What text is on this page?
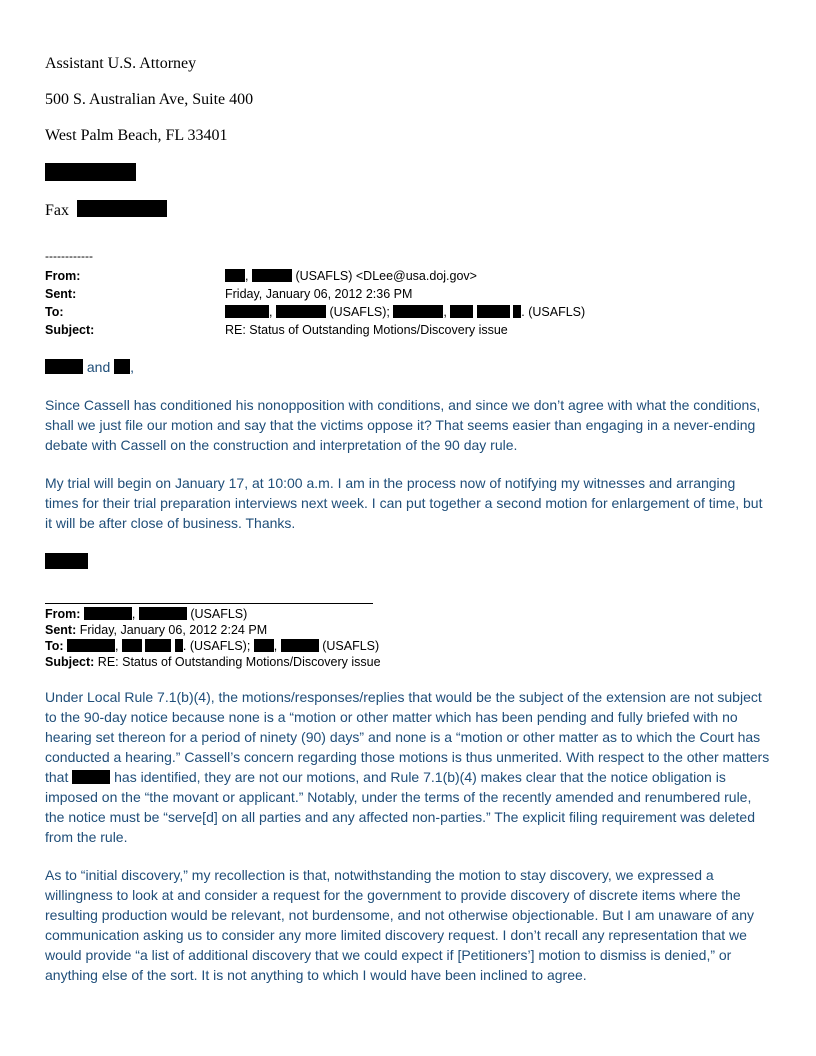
Assistant U.S. Attorney
500 S. Australian Ave, Suite 400
West Palm Beach, FL 33401
Fax
------------
From:	,	(USAFLS) <DLee@usa.doj.gov>
Sent:	Friday, January 06, 2012 2:36 PM
To:	,	(USAFLS);	,	. (USAFLS)
Subject:	RE: Status of Outstanding Motions/Discovery issue
and ,

Since Cassell has conditioned his nonopposition with conditions, and since we don’t agree with what the conditions, shall we just file our motion and say that the victims oppose it? That seems easier than engaging in a never-ending debate with Cassell on the construction and interpretation of the 90 day rule.

My trial will begin on January 17, at 10:00 a.m. I am in the process now of notifying my witnesses and arranging times for their trial preparation interviews next week. I can put together a second motion for enlargement of time, but it will be after close of business. Thanks.

From:	,	(USAFLS)
Sent: Friday, January 06, 2012 2:24 PM
To:	,	. (USAFLS); ,	(USAFLS)
Subject: RE: Status of Outstanding Motions/Discovery issue

Under Local Rule 7.1(b)(4), the motions/responses/replies that would be the subject of the extension are not subject to the 90-day notice because none is a “motion or other matter which has been pending and fully briefed with no hearing set thereon for a period of ninety (90) days” and none is a “motion or other matter as to which the Court has conducted a hearing.” Cassell’s concern regarding those motions is thus unmerited. With respect to the other matters that	has identified, they are not our motions, and Rule 7.1(b)(4) makes clear that the notice obligation is imposed on the “the movant or applicant.” Notably, under the terms of the recently amended and renumbered rule, the notice must be “serve[d] on all parties and any affected non-parties.” The explicit filing requirement was deleted from the rule.

As to “initial discovery,” my recollection is that, notwithstanding the motion to stay discovery, we expressed a willingness to look at and consider a request for the government to provide discovery of discrete items where the resulting production would be relevant, not burdensome, and not otherwise objectionable. But I am unaware of any communication asking us to consider any more limited discovery request. I don’t recall any representation that we would provide “a list of additional discovery that we could expect if [Petitioners’] motion to dismiss is denied,” or anything else of the sort. It is not anything to which I would have been inclined to agree.
